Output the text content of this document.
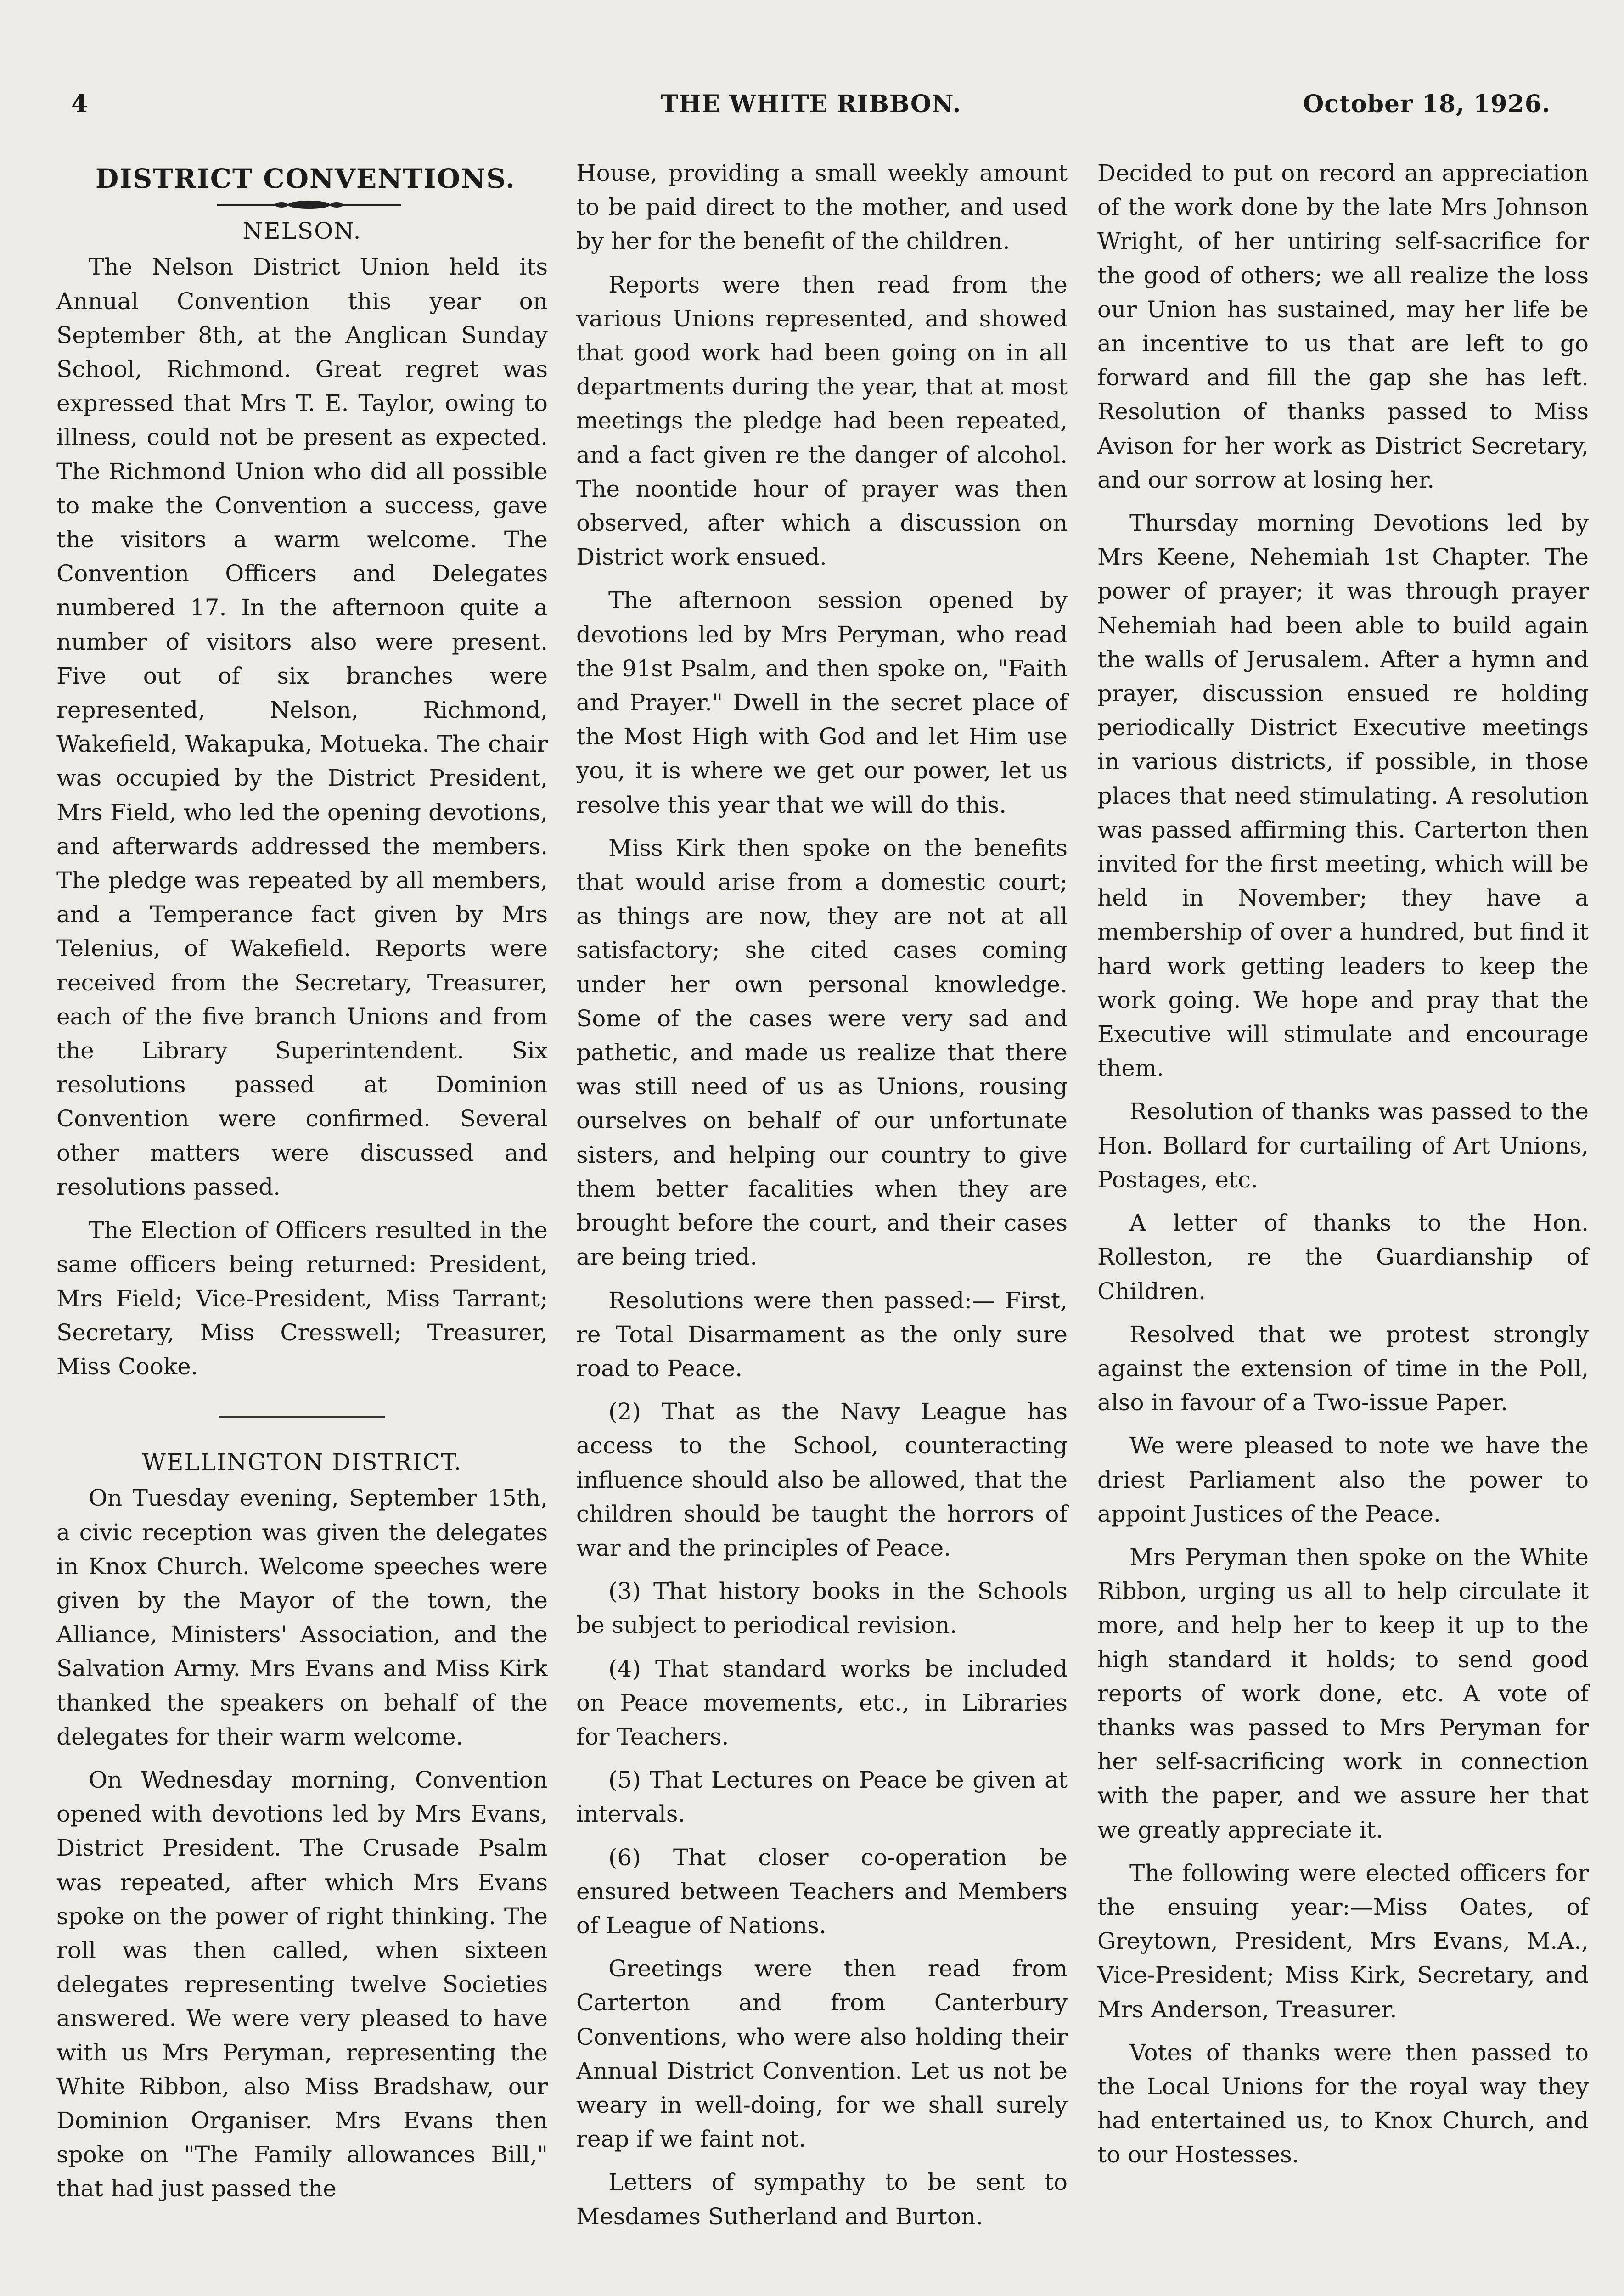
4	THE WHITE RIBBON.	October 18, 1926.
DISTRICT CONVENTIONS.
NELSON.

The Nelson District Union held its Annual Convention this year on September 8th, at the Anglican Sunday School, Richmond. Great regret was expressed that Mrs T. E. Taylor, owing to illness, could not be present as expected. The Richmond Union who did all possible to make the Convention a success, gave the visitors a warm welcome. The Convention Officers and Delegates numbered 17. In the afternoon quite a number of visitors also were present. Five out of six branches were represented, Nelson, Richmond, Wakefield, Wakapuka, Motueka. The chair was occupied by the District President, Mrs Field, who led the opening devotions, and afterwards addressed the members. The pledge was repeated by all members, and a Temperance fact given by Mrs Telenius, of Wakefield. Reports were received from the Secretary, Treasurer, each of the five branch Unions and from the Library Superintendent. Six resolutions passed at Dominion Convention were confirmed. Several other matters were discussed and resolutions passed.

The Election of Officers resulted in the same officers being returned: President, Mrs Field; Vice-President, Miss Tarrant; Secretary, Miss Cresswell; Treasurer, Miss Cooke.

WELLINGTON DISTRICT.

On Tuesday evening, September 15th, a civic reception was given the delegates in Knox Church. Welcome speeches were given by the Mayor of the town, the Alliance, Ministers' Association, and the Salvation Army. Mrs Evans and Miss Kirk thanked the speakers on behalf of the delegates for their warm welcome.

On Wednesday morning, Convention opened with devotions led by Mrs Evans, District President. The Crusade Psalm was repeated, after which Mrs Evans spoke on the power of right thinking. The roll was then called, when sixteen delegates representing twelve Societies answered. We were very pleased to have with us Mrs Peryman, representing the White Ribbon, also Miss Bradshaw, our Dominion Organiser. Mrs Evans then spoke on "The Family allowances Bill," that had just passed the

House, providing a small weekly amount to be paid direct to the mother, and used by her for the benefit of the children.

Reports were then read from the various Unions represented, and showed that good work had been going on in all departments during the year, that at most meetings the pledge had been repeated, and a fact given re the danger of alcohol. The noontide hour of prayer was then observed, after which a discussion on District work ensued.

The afternoon session opened by devotions led by Mrs Peryman, who read the 91st Psalm, and then spoke on, "Faith and Prayer." Dwell in the secret place of the Most High with God and let Him use you, it is where we get our power, let us resolve this year that we will do this.

Miss Kirk then spoke on the benefits that would arise from a domestic court; as things are now, they are not at all satisfactory; she cited cases coming under her own personal knowledge. Some of the cases were very sad and pathetic, and made us realize that there was still need of us as Unions, rousing ourselves on behalf of our unfortunate sisters, and helping our country to give them better facalities when they are brought before the court, and their cases are being tried.

Resolutions were then passed:— First, re Total Disarmament as the only sure road to Peace.

(2) That as the Navy League has access to the School, counteracting influence should also be allowed, that the children should be taught the horrors of war and the principles of Peace.

(3) That history books in the Schools be subject to periodical revision.

(4) That standard works be included on Peace movements, etc., in Libraries for Teachers.

(5) That Lectures on Peace be given at intervals.

(6) That closer co-operation be ensured between Teachers and Members of League of Nations.

Greetings were then read from Carterton and from Canterbury Conventions, who were also holding their Annual District Convention. Let us not be weary in well-doing, for we shall surely reap if we faint not.

Letters of sympathy to be sent to Mesdames Sutherland and Burton.

Decided to put on record an appreciation of the work done by the late Mrs Johnson Wright, of her untiring self-sacrifice for the good of others; we all realize the loss our Union has sustained, may her life be an incentive to us that are left to go forward and fill the gap she has left. Resolution of thanks passed to Miss Avison for her work as District Secretary, and our sorrow at losing her.

Thursday morning Devotions led by Mrs Keene, Nehemiah 1st Chapter. The power of prayer; it was through prayer Nehemiah had been able to build again the walls of Jerusalem. After a hymn and prayer, discussion ensued re holding periodically District Executive meetings in various districts, if possible, in those places that need stimulating. A resolution was passed affirming this. Carterton then invited for the first meeting, which will be held in November; they have a membership of over a hundred, but find it hard work getting leaders to keep the work going. We hope and pray that the Executive will stimulate and encourage them.

Resolution of thanks was passed to the Hon. Bollard for curtailing of Art Unions, Postages, etc.

A letter of thanks to the Hon. Rolleston, re the Guardianship of Children.

Resolved that we protest strongly against the extension of time in the Poll, also in favour of a Two-issue Paper.

We were pleased to note we have the driest Parliament also the power to appoint Justices of the Peace.

Mrs Peryman then spoke on the White Ribbon, urging us all to help circulate it more, and help her to keep it up to the high standard it holds; to send good reports of work done, etc. A vote of thanks was passed to Mrs Peryman for her self-sacrificing work in connection with the paper, and we assure her that we greatly appreciate it.

The following were elected officers for the ensuing year:—Miss Oates, of Greytown, President, Mrs Evans, M.A., Vice-President; Miss Kirk, Secretary, and Mrs Anderson, Treasurer.

Votes of thanks were then passed to the Local Unions for the royal way they had entertained us, to Knox Church, and to our Hostesses.
